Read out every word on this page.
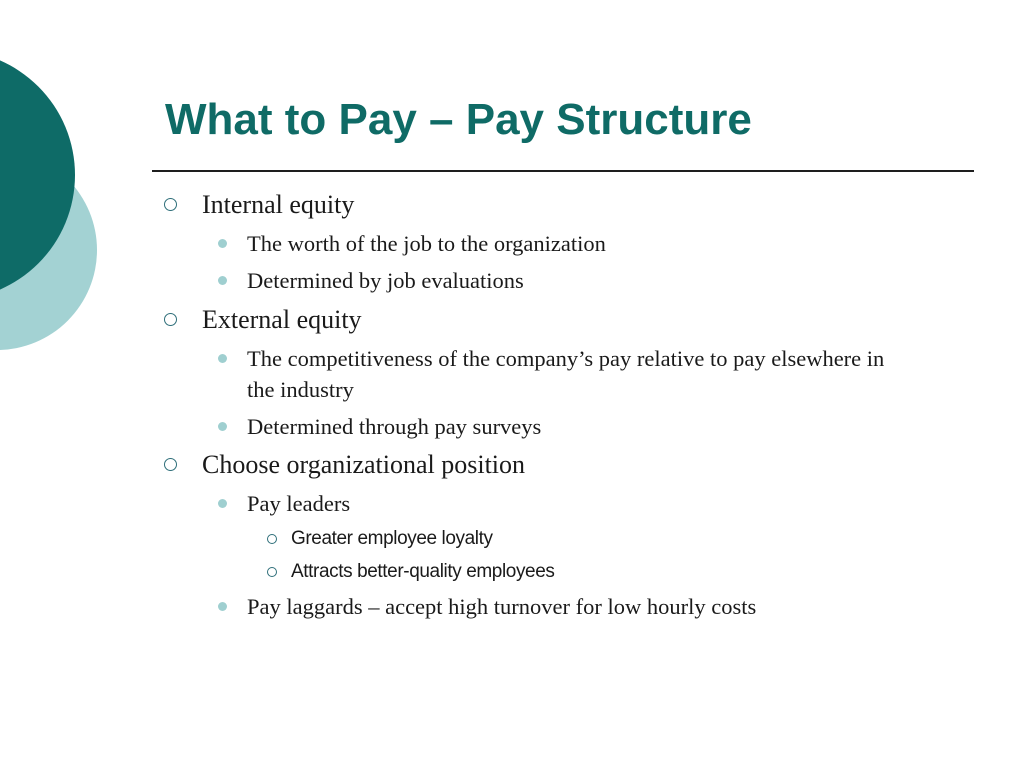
What to Pay – Pay Structure
Internal equity
The worth of the job to the organization
Determined by job evaluations
External equity
The competitiveness of the company’s pay relative to pay elsewhere in the industry
Determined through pay surveys
Choose organizational position
Pay leaders
Greater employee loyalty
Attracts better-quality employees
Pay laggards – accept high turnover for low hourly costs
